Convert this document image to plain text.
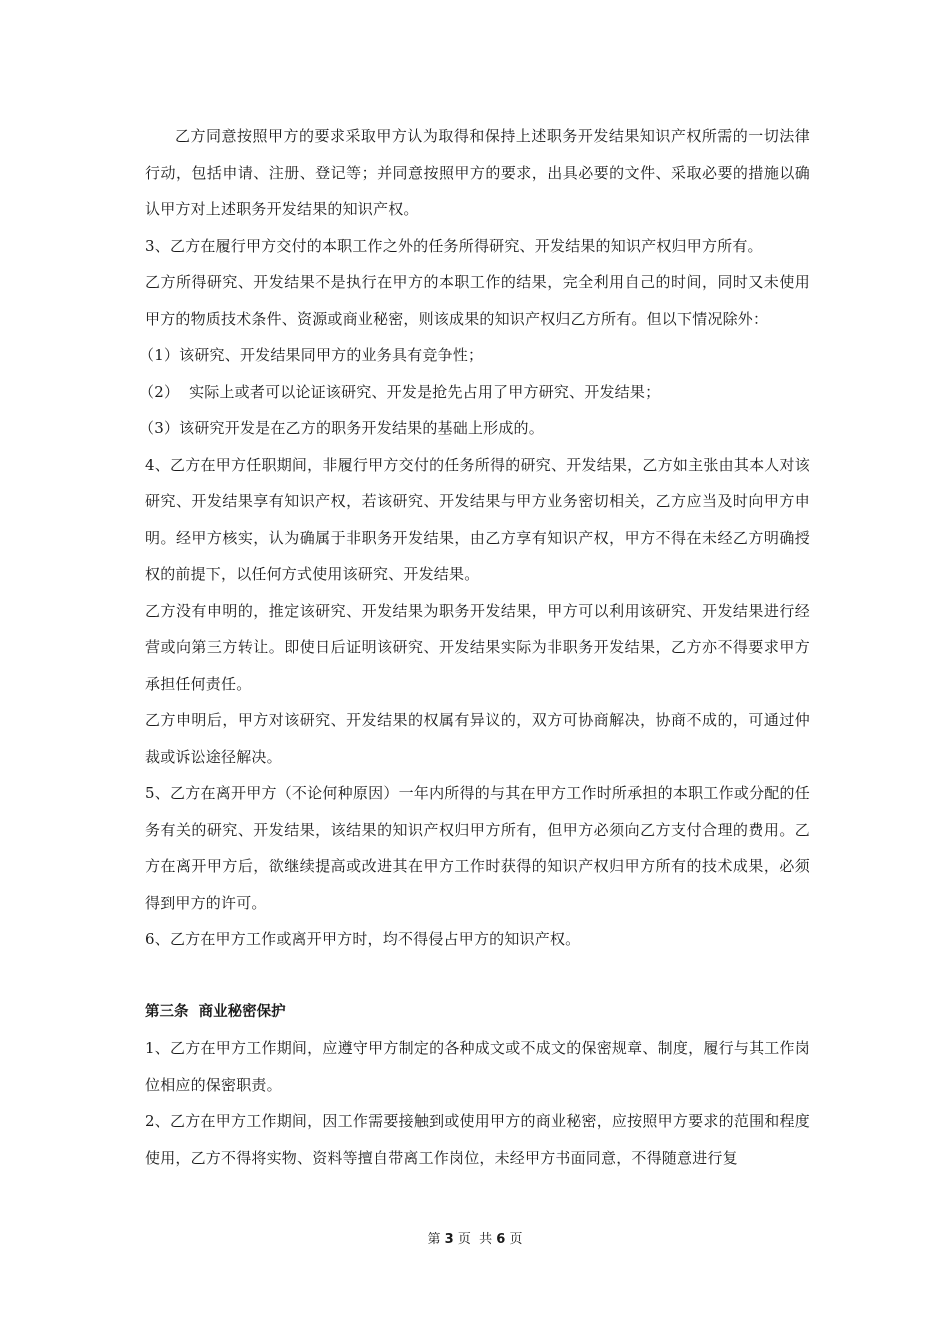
乙方同意按照甲方的要求采取甲方认为取得和保持上述职务开发结果知识产权所需的一切法律行动，包括申请、注册、登记等；并同意按照甲方的要求，出具必要的文件、采取必要的措施以确认甲方对上述职务开发结果的知识产权。

3、乙方在履行甲方交付的本职工作之外的任务所得研究、开发结果的知识产权归甲方所有。

乙方所得研究、开发结果不是执行在甲方的本职工作的结果，完全利用自己的时间，同时又未使用甲方的物质技术条件、资源或商业秘密，则该成果的知识产权归乙方所有。但以下情况除外：

（1）该研究、开发结果同甲方的业务具有竞争性；

（2）  实际上或者可以论证该研究、开发是抢先占用了甲方研究、开发结果；

（3）该研究开发是在乙方的职务开发结果的基础上形成的。

4、乙方在甲方任职期间，非履行甲方交付的任务所得的研究、开发结果，乙方如主张由其本人对该研究、开发结果享有知识产权，若该研究、开发结果与甲方业务密切相关，乙方应当及时向甲方申明。经甲方核实，认为确属于非职务开发结果，由乙方享有知识产权，甲方不得在未经乙方明确授权的前提下，以任何方式使用该研究、开发结果。

乙方没有申明的，推定该研究、开发结果为职务开发结果，甲方可以利用该研究、开发结果进行经营或向第三方转让。即使日后证明该研究、开发结果实际为非职务开发结果，乙方亦不得要求甲方承担任何责任。

乙方申明后，甲方对该研究、开发结果的权属有异议的，双方可协商解决，协商不成的，可通过仲裁或诉讼途径解决。

5、乙方在离开甲方（不论何种原因）一年内所得的与其在甲方工作时所承担的本职工作或分配的任务有关的研究、开发结果，该结果的知识产权归甲方所有，但甲方必须向乙方支付合理的费用。乙方在离开甲方后，欲继续提高或改进其在甲方工作时获得的知识产权归甲方所有的技术成果，必须得到甲方的许可。

6、乙方在甲方工作或离开甲方时，均不得侵占甲方的知识产权。

第三条  商业秘密保护

1、乙方在甲方工作期间，应遵守甲方制定的各种成文或不成文的保密规章、制度，履行与其工作岗位相应的保密职责。

2、乙方在甲方工作期间，因工作需要接触到或使用甲方的商业秘密，应按照甲方要求的范围和程度使用，乙方不得将实物、资料等擅自带离工作岗位，未经甲方书面同意，不得随意进行复

第 3 页  共 6 页
